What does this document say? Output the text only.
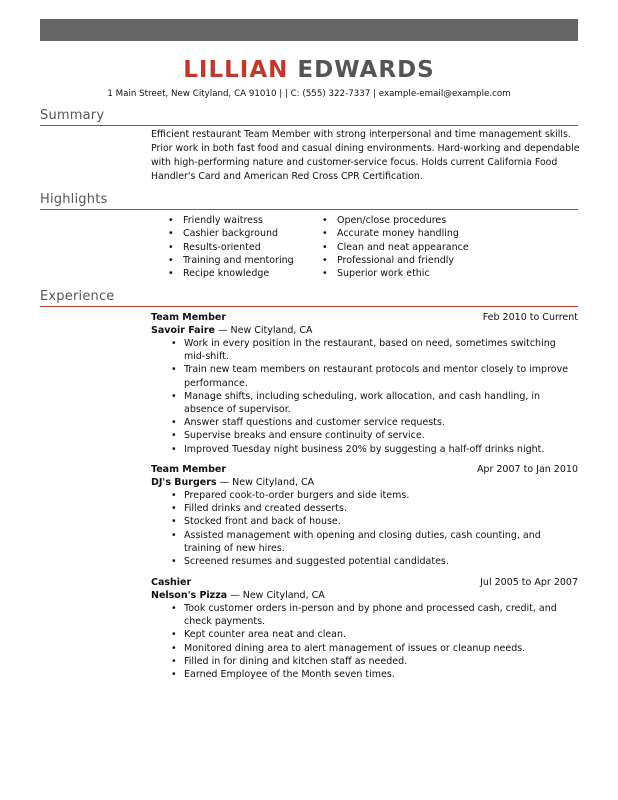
LILLIAN EDWARDS
1 Main Street, New Cityland, CA 91010 | | C: (555) 322-7337 | example-email@example.com
Summary

Efficient restaurant Team Member with strong interpersonal and time management skills. Prior work in both fast food and casual dining environments. Hard-working and dependable with high-performing nature and customer-service focus. Holds current California Food Handler's Card and American Red Cross CPR Certification.

Highlights
• Friendly waitress
• Cashier background
• Results-oriented
• Training and mentoring
• Recipe knowledge
• Open/close procedures
• Accurate money handling
• Clean and neat appearance
• Professional and friendly
• Superior work ethic
Experience
Team Member	Feb 2010 to Current
Savoir Faire — New Cityland, CA
• Work in every position in the restaurant, based on need, sometimes switching mid-shift.
• Train new team members on restaurant protocols and mentor closely to improve performance.
• Manage shifts, including scheduling, work allocation, and cash handling, in absence of supervisor.
• Answer staff questions and customer service requests.
• Supervise breaks and ensure continuity of service.
• Improved Tuesday night business 20% by suggesting a half-off drinks night.
Team Member	Apr 2007 to Jan 2010
DJ's Burgers — New Cityland, CA
• Prepared cook-to-order burgers and side items.
• Filled drinks and created desserts.
• Stocked front and back of house.
• Assisted management with opening and closing duties, cash counting, and training of new hires.
• Screened resumes and suggested potential candidates.
Cashier	Jul 2005 to Apr 2007
Nelson's Pizza — New Cityland, CA
• Took customer orders in-person and by phone and processed cash, credit, and check payments.
• Kept counter area neat and clean.
• Monitored dining area to alert management of issues or cleanup needs.
• Filled in for dining and kitchen staff as needed.
• Earned Employee of the Month seven times.
